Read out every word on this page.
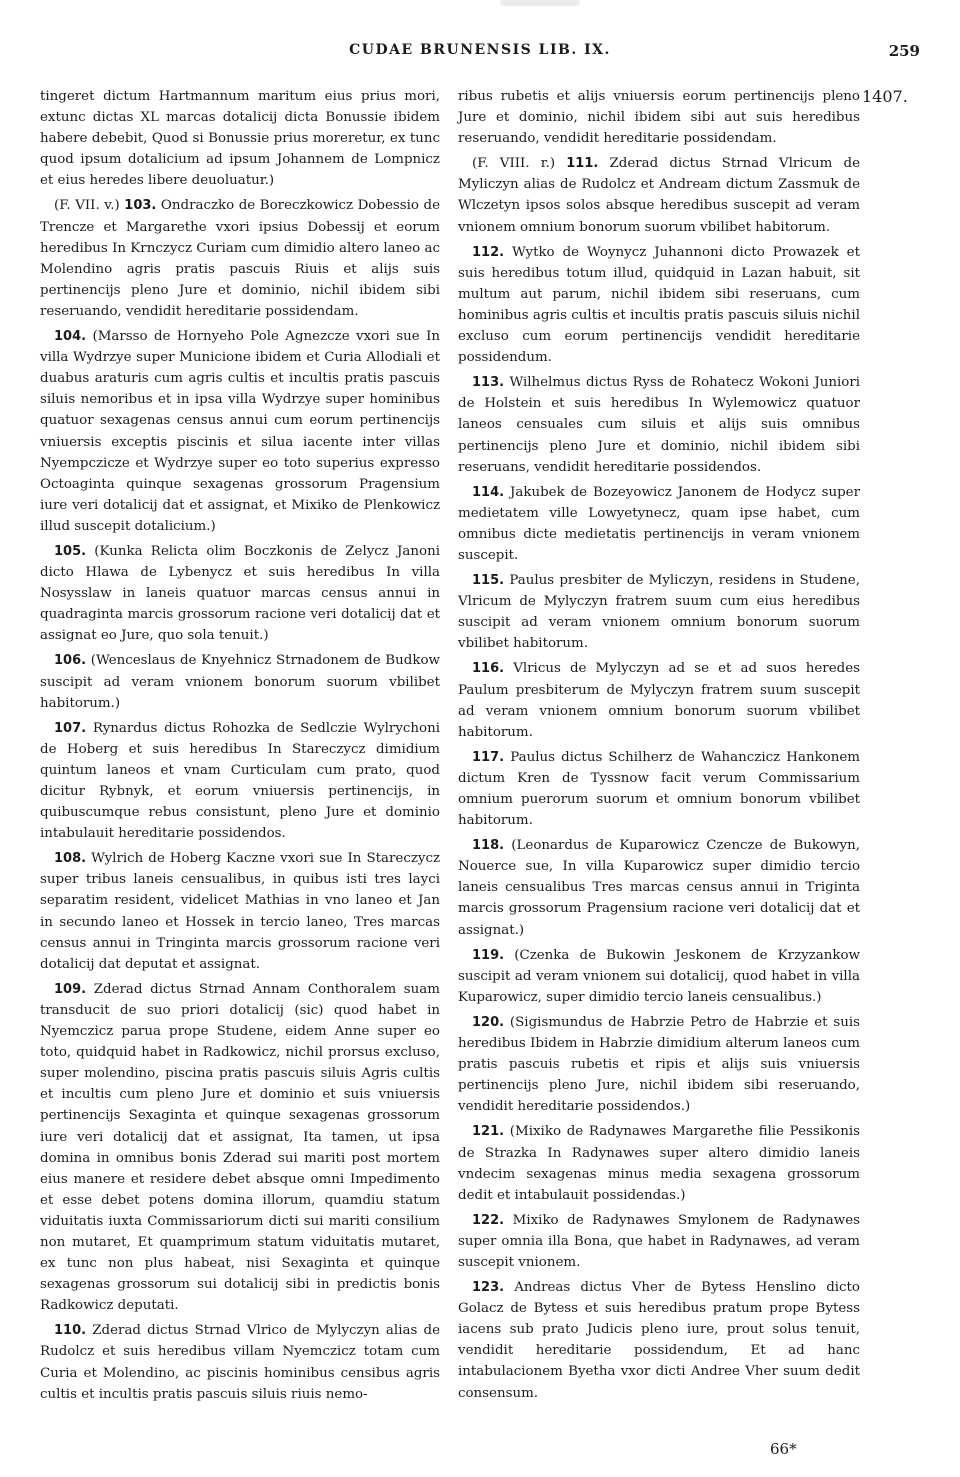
CUDAE BRUNENSIS LIB. IX.	259

tingeret dictum Hartmannum maritum eius prius mori, extunc dictas XL marcas dotalicij dicta Bonussie ibidem habere debebit, Quod si Bonussie prius moreretur, ex tunc quod ipsum dotalicium ad ipsum Johannem de Lompnicz et eius heredes libere deuoluatur.)

(F. VII. v.) 103. Ondraczko de Boreczkowicz Dobessio de Trencze et Margarethe vxori ipsius Dobessij et eorum heredibus In Krnczycz Curiam cum dimidio altero laneo ac Molendino agris pratis pascuis Riuis et alijs suis pertinencijs pleno Jure et dominio, nichil ibidem sibi reseruando, vendidit hereditarie possidendam.

104. (Marsso de Hornyeho Pole Agnezcze vxori sue In villa Wydrzye super Municione ibidem et Curia Allodiali et duabus araturis cum agris cultis et incultis pratis pascuis siluis nemoribus et in ipsa villa Wydrzye super hominibus quatuor sexagenas census annui cum eorum pertinencijs vniuersis exceptis piscinis et silua iacente inter villas Nyempczicze et Wydrzye super eo toto superius expresso Octoaginta quinque sexagenas grossorum Pragensium iure veri dotalicij dat et assignat, et Mixiko de Plenkowicz illud suscepit dotalicium.)

105. (Kunka Relicta olim Boczkonis de Zelycz Janoni dicto Hlawa de Lybenycz et suis heredibus In villa Nosysslaw in laneis quatuor marcas census annui in quadraginta marcis grossorum racione veri dotalicij dat et assignat eo Jure, quo sola tenuit.)

106. (Wenceslaus de Knyehnicz Strnadonem de Budkow suscipit ad veram vnionem bonorum suorum vbilibet habitorum.)

107. Rynardus dictus Rohozka de Sedlczie Wylrychoni de Hoberg et suis heredibus In Stareczycz dimidium quintum laneos et vnam Curticulam cum prato, quod dicitur Rybnyk, et eorum vniuersis pertinencijs, in quibuscumque rebus consistunt, pleno Jure et dominio intabulauit hereditarie possidendos.

108. Wylrich de Hoberg Kaczne vxori sue In Stareczycz super tribus laneis censualibus, in quibus isti tres layci separatim resident, videlicet Mathias in vno laneo et Jan in secundo laneo et Hossek in tercio laneo, Tres marcas census annui in Tringinta marcis grossorum racione veri dotalicij dat deputat et assignat.

109. Zderad dictus Strnad Annam Conthoralem suam transducit de suo priori dotalicij (sic) quod habet in Nyemczicz parua prope Studene, eidem Anne super eo toto, quidquid habet in Radkowicz, nichil prorsus excluso, super molendino, piscina pratis pascuis siluis Agris cultis et incultis cum pleno Jure et dominio et suis vniuersis pertinencijs Sexaginta et quinque sexagenas grossorum iure veri dotalicij dat et assignat, Ita tamen, ut ipsa domina in omnibus bonis Zderad sui mariti post mortem eius manere et residere debet absque omni Impedimento et esse debet potens domina illorum, quamdiu statum viduitatis iuxta Commissariorum dicti sui mariti consilium non mutaret, Et quamprimum statum viduitatis mutaret, ex tunc non plus habeat, nisi Sexaginta et quinque sexagenas grossorum sui dotalicij sibi in predictis bonis Radkowicz deputati.

110. Zderad dictus Strnad Vlrico de Mylyczyn alias de Rudolcz et suis heredibus villam Nyemczicz totam cum Curia et Molendino, ac piscinis hominibus censibus agris cultis et incultis pratis pascuis siluis riuis nemo-

1407.

ribus rubetis et alijs vniuersis eorum pertinencijs pleno Jure et dominio, nichil ibidem sibi aut suis heredibus reseruando, vendidit hereditarie possidendam.

(F. VIII. r.) 111. Zderad dictus Strnad Vlricum de Myliczyn alias de Rudolcz et Andream dictum Zassmuk de Wlczetyn ipsos solos absque heredibus suscepit ad veram vnionem omnium bonorum suorum vbilibet habitorum.

112. Wytko de Woynycz Juhannoni dicto Prowazek et suis heredibus totum illud, quidquid in Lazan habuit, sit multum aut parum, nichil ibidem sibi reseruans, cum hominibus agris cultis et incultis pratis pascuis siluis nichil excluso cum eorum pertinencijs vendidit hereditarie possidendum.

113. Wilhelmus dictus Ryss de Rohatecz Wokoni Juniori de Holstein et suis heredibus In Wylemowicz quatuor laneos censuales cum siluis et alijs suis omnibus pertinencijs pleno Jure et dominio, nichil ibidem sibi reseruans, vendidit hereditarie possidendos.

114. Jakubek de Bozeyowicz Janonem de Hodycz super medietatem ville Lowyetynecz, quam ipse habet, cum omnibus dicte medietatis pertinencijs in veram vnionem suscepit.

115. Paulus presbiter de Myliczyn, residens in Studene, Vlricum de Mylyczyn fratrem suum cum eius heredibus suscipit ad veram vnionem omnium bonorum suorum vbilibet habitorum.

116. Vlricus de Mylyczyn ad se et ad suos heredes Paulum presbiterum de Mylyczyn fratrem suum suscepit ad veram vnionem omnium bonorum suorum vbilibet habitorum.

117. Paulus dictus Schilherz de Wahanczicz Hankonem dictum Kren de Tyssnow facit verum Commissarium omnium puerorum suorum et omnium bonorum vbilibet habitorum.

118. (Leonardus de Kuparowicz Czencze de Bukowyn, Nouerce sue, In villa Kuparowicz super dimidio tercio laneis censualibus Tres marcas census annui in Triginta marcis grossorum Pragensium racione veri dotalicij dat et assignat.)

119. (Czenka de Bukowin Jeskonem de Krzyzankow suscipit ad veram vnionem sui dotalicij, quod habet in villa Kuparowicz, super dimidio tercio laneis censualibus.)

120. (Sigismundus de Habrzie Petro de Habrzie et suis heredibus Ibidem in Habrzie dimidium alterum laneos cum pratis pascuis rubetis et ripis et alijs suis vniuersis pertinencijs pleno Jure, nichil ibidem sibi reseruando, vendidit hereditarie possidendos.)

121. (Mixiko de Radynawes Margarethe filie Pessikonis de Strazka In Radynawes super altero dimidio laneis vndecim sexagenas minus media sexagena grossorum dedit et intabulauit possidendas.)

122. Mixiko de Radynawes Smylonem de Radynawes super omnia illa Bona, que habet in Radynawes, ad veram suscepit vnionem.

123. Andreas dictus Vher de Bytess Henslino dicto Golacz de Bytess et suis heredibus pratum prope Bytess iacens sub prato Judicis pleno iure, prout solus tenuit, vendidit hereditarie possidendum, Et ad hanc intabulacionem Byetha vxor dicti Andree Vher suum dedit consensum.

66*
